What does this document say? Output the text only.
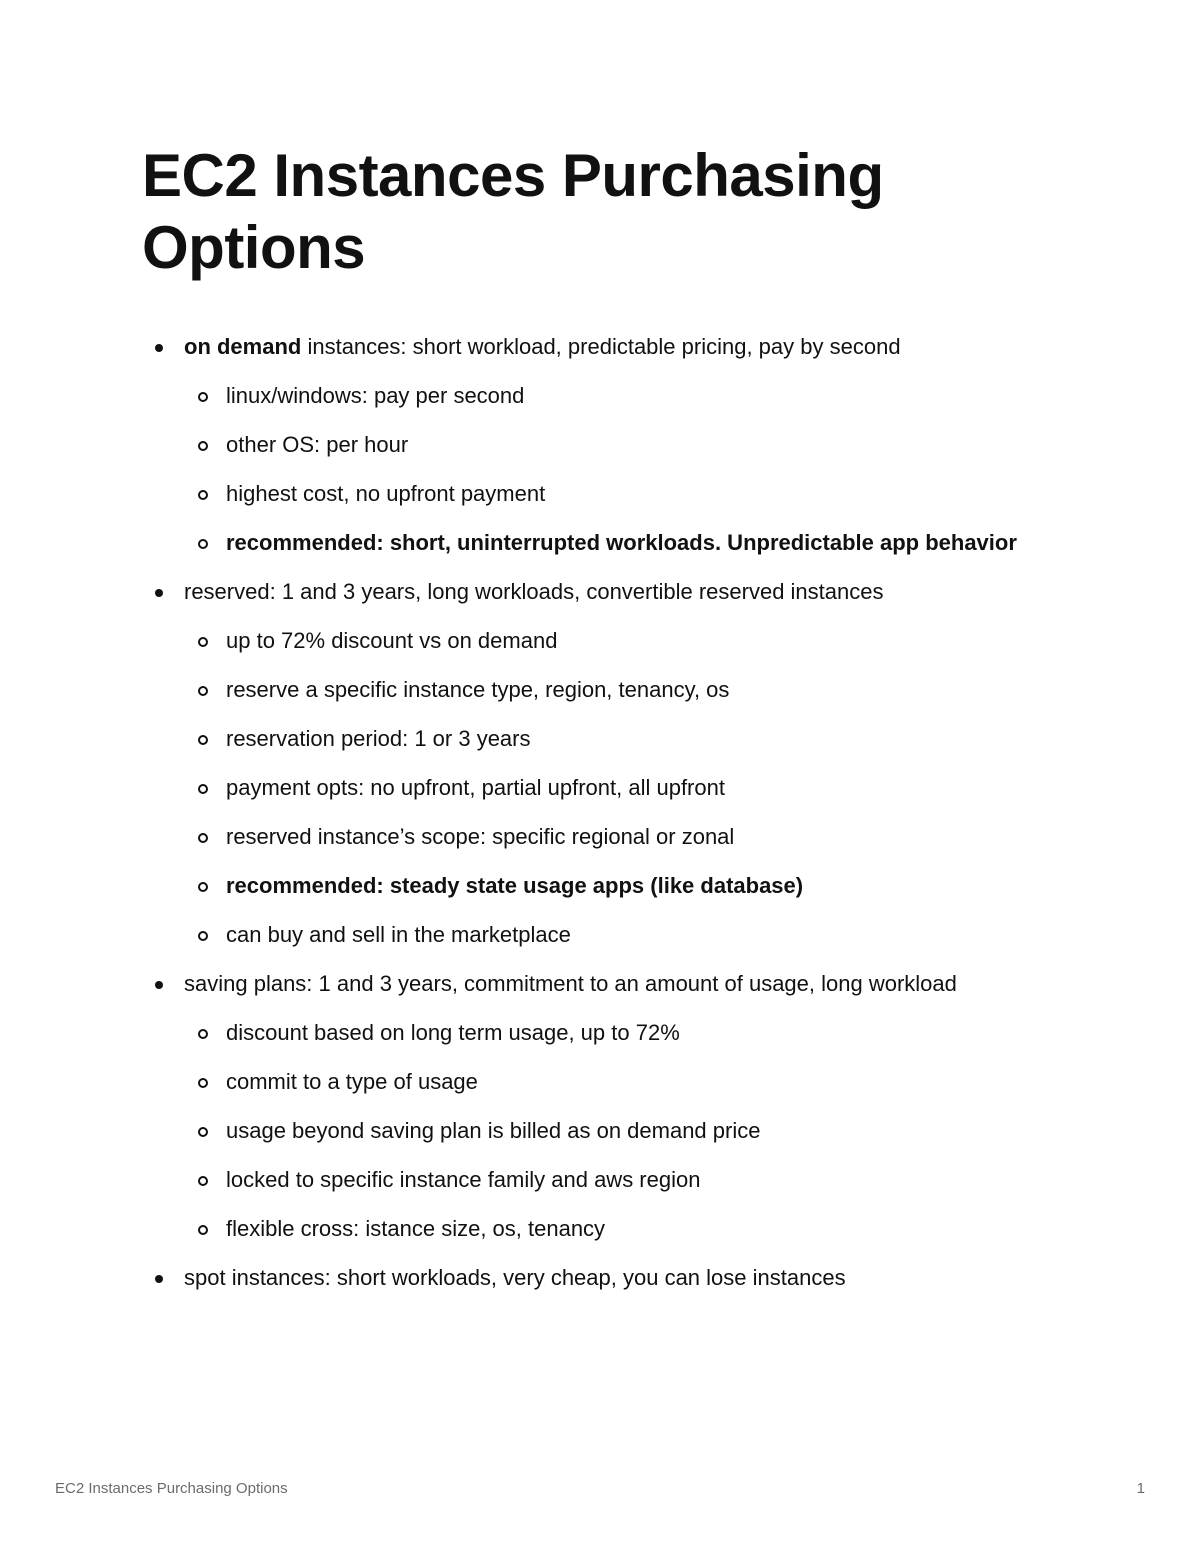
EC2 Instances Purchasing Options
on demand instances: short workload, predictable pricing, pay by second
linux/windows: pay per second
other OS: per hour
highest cost, no upfront payment
recommended: short, uninterrupted workloads. Unpredictable app behavior
reserved: 1 and 3 years, long workloads, convertible reserved instances
up to 72% discount vs on demand
reserve a specific instance type, region, tenancy, os
reservation period: 1 or 3 years
payment opts: no upfront, partial upfront, all upfront
reserved instance’s scope: specific regional or zonal
recommended: steady state usage apps (like database)
can buy and sell in the marketplace
saving plans: 1 and 3 years, commitment to an amount of usage, long workload
discount based on long term usage, up to 72%
commit to a type of usage
usage beyond saving plan is billed as on demand price
locked to specific instance family and aws region
flexible cross: istance size, os, tenancy
spot instances: short workloads, very cheap, you can lose instances
EC2 Instances Purchasing Options	1
